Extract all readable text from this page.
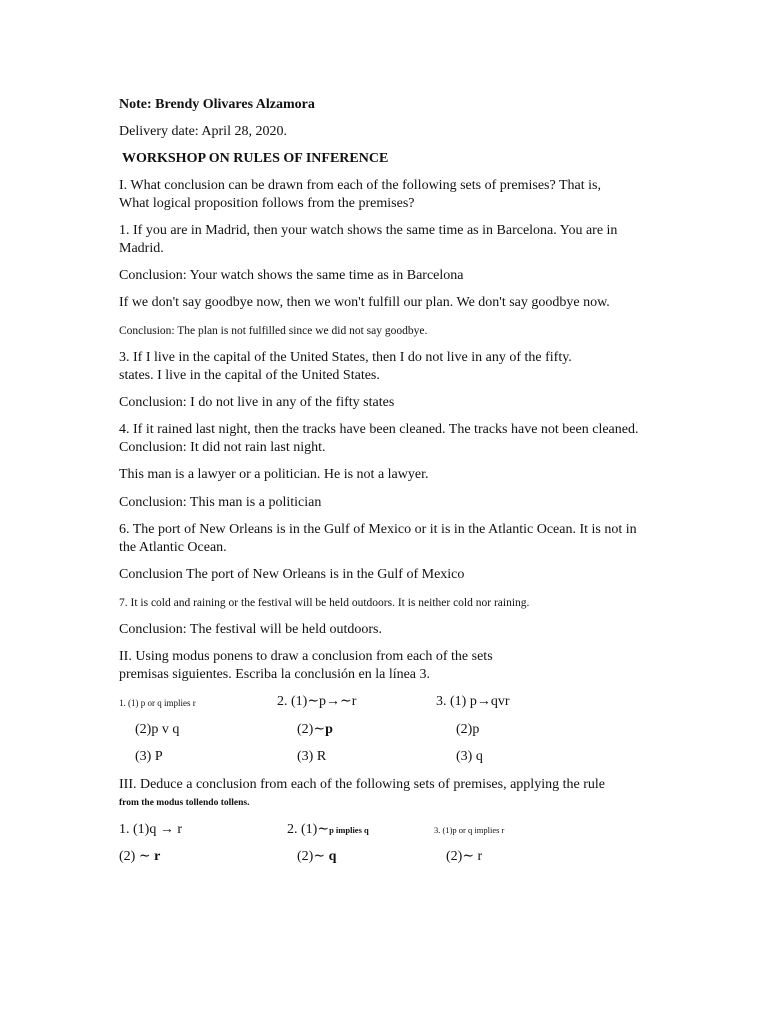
Note: Brendy Olivares Alzamora
Delivery date: April 28, 2020.
WORKSHOP ON RULES OF INFERENCE
I. What conclusion can be drawn from each of the following sets of premises? That is,
What logical proposition follows from the premises?
1. If you are in Madrid, then your watch shows the same time as in Barcelona. You are in
Madrid.
Conclusion: Your watch shows the same time as in Barcelona
If we don't say goodbye now, then we won't fulfill our plan. We don't say goodbye now.
Conclusion: The plan is not fulfilled since we did not say goodbye.
3. If I live in the capital of the United States, then I do not live in any of the fifty.
states. I live in the capital of the United States.
Conclusion: I do not live in any of the fifty states
4. If it rained last night, then the tracks have been cleaned. The tracks have not been cleaned.
Conclusion: It did not rain last night.
This man is a lawyer or a politician. He is not a lawyer.
Conclusion: This man is a politician
6. The port of New Orleans is in the Gulf of Mexico or it is in the Atlantic Ocean. It is not in
the Atlantic Ocean.
Conclusion The port of New Orleans is in the Gulf of Mexico
7. It is cold and raining or the festival will be held outdoors. It is neither cold nor raining.
Conclusion: The festival will be held outdoors.
II. Using modus ponens to draw a conclusion from each of the sets
premisas siguientes. Escriba la conclusión en la línea 3.
1. (1) p or q implies r	2. (1)∼p→∼r	3. (1) p→qvr
(2)p v q	(2)∼p	(2)p
(3) P	(3) R	(3) q
III. Deduce a conclusion from each of the following sets of premises, applying the rule
from the modus tollendo tollens.
1. (1)q → r	2. (1)∼p implies q	3. (1)p or q implies r
(2) ∼ r	(2)∼ q	(2)∼ r
